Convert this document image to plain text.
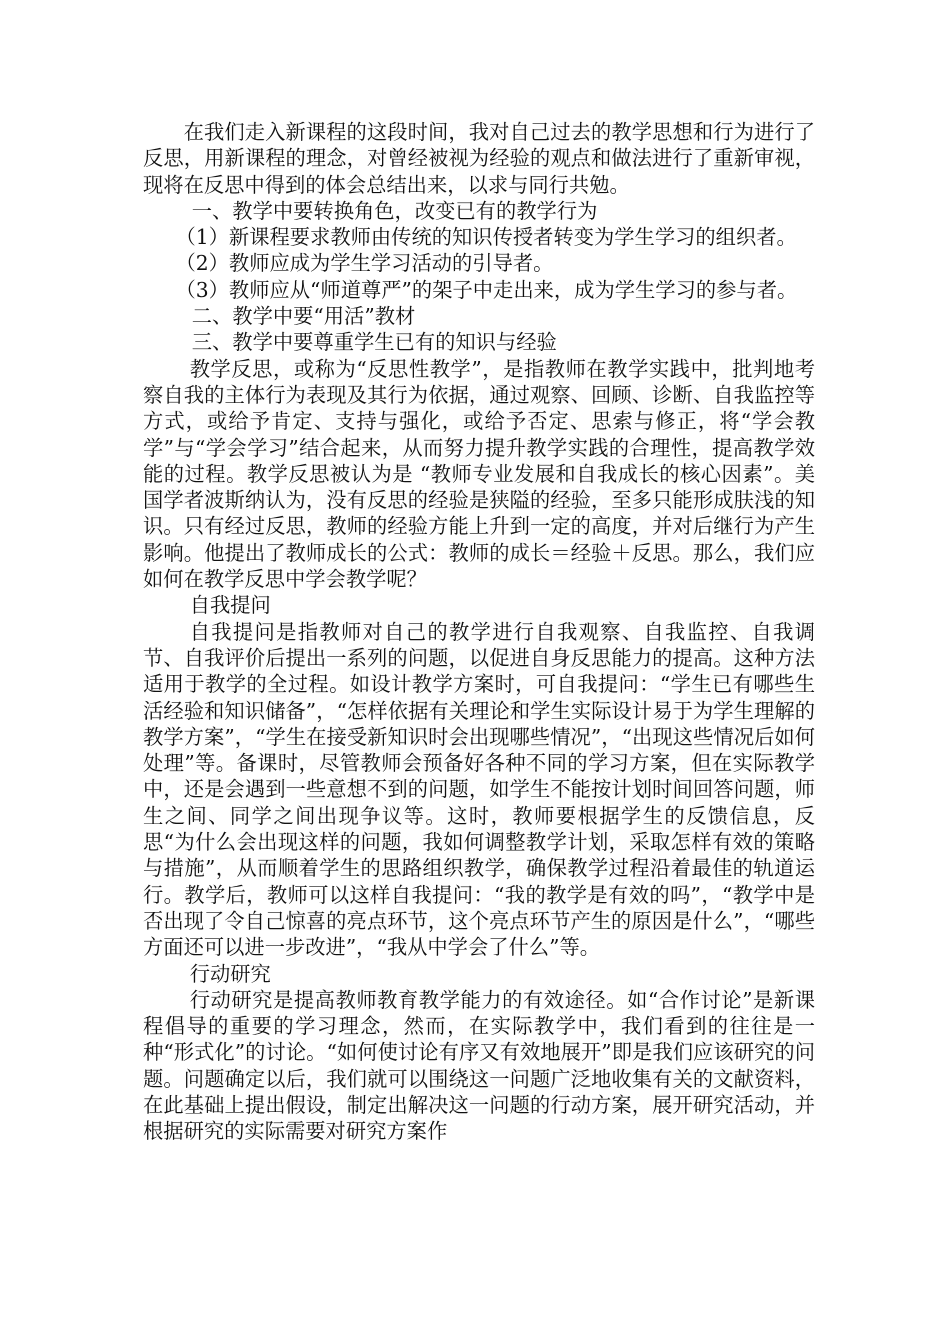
在我们走入新课程的这段时间，我对自己过去的教学思想和行为进行了反思，用新课程的理念，对曾经被视为经验的观点和做法进行了重新审视，现将在反思中得到的体会总结出来，以求与同行共勉。

一、教学中要转换角色，改变已有的教学行为

（1）新课程要求教师由传统的知识传授者转变为学生学习的组织者。

（2）教师应成为学生学习活动的引导者。

（3）教师应从“师道尊严”的架子中走出来，成为学生学习的参与者。

二、教学中要“用活”教材

三、教学中要尊重学生已有的知识与经验

教学反思，或称为“反思性教学”，是指教师在教学实践中，批判地考察自我的主体行为表现及其行为依据，通过观察、回顾、诊断、自我监控等方式，或给予肯定、支持与强化，或给予否定、思索与修正，将“学会教学”与“学会学习”结合起来，从而努力提升教学实践的合理性，提高教学效能的过程。教学反思被认为是 “教师专业发展和自我成长的核心因素”。美国学者波斯纳认为，没有反思的经验是狭隘的经验，至多只能形成肤浅的知识。只有经过反思，教师的经验方能上升到一定的高度，并对后继行为产生影响。他提出了教师成长的公式：教师的成长＝经验＋反思。那么，我们应如何在教学反思中学会教学呢？

自我提问

自我提问是指教师对自己的教学进行自我观察、自我监控、自我调节、自我评价后提出一系列的问题，以促进自身反思能力的提高。这种方法适用于教学的全过程。如设计教学方案时，可自我提问：“学生已有哪些生活经验和知识储备”，“怎样依据有关理论和学生实际设计易于为学生理解的教学方案”，“学生在接受新知识时会出现哪些情况”，“出现这些情况后如何处理”等。备课时，尽管教师会预备好各种不同的学习方案，但在实际教学中，还是会遇到一些意想不到的问题，如学生不能按计划时间回答问题，师生之间、同学之间出现争议等。这时，教师要根据学生的反馈信息，反思“为什么会出现这样的问题，我如何调整教学计划，采取怎样有效的策略与措施”，从而顺着学生的思路组织教学，确保教学过程沿着最佳的轨道运行。教学后，教师可以这样自我提问：“我的教学是有效的吗”，“教学中是否出现了令自己惊喜的亮点环节，这个亮点环节产生的原因是什么”，“哪些方面还可以进一步改进”，“我从中学会了什么”等。

行动研究

行动研究是提高教师教育教学能力的有效途径。如“合作讨论”是新课程倡导的重要的学习理念，然而，在实际教学中，我们看到的往往是一种“形式化”的讨论。“如何使讨论有序又有效地展开”即是我们应该研究的问题。问题确定以后，我们就可以围绕这一问题广泛地收集有关的文献资料，在此基础上提出假设，制定出解决这一问题的行动方案，展开研究活动，并根据研究的实际需要对研究方案作
